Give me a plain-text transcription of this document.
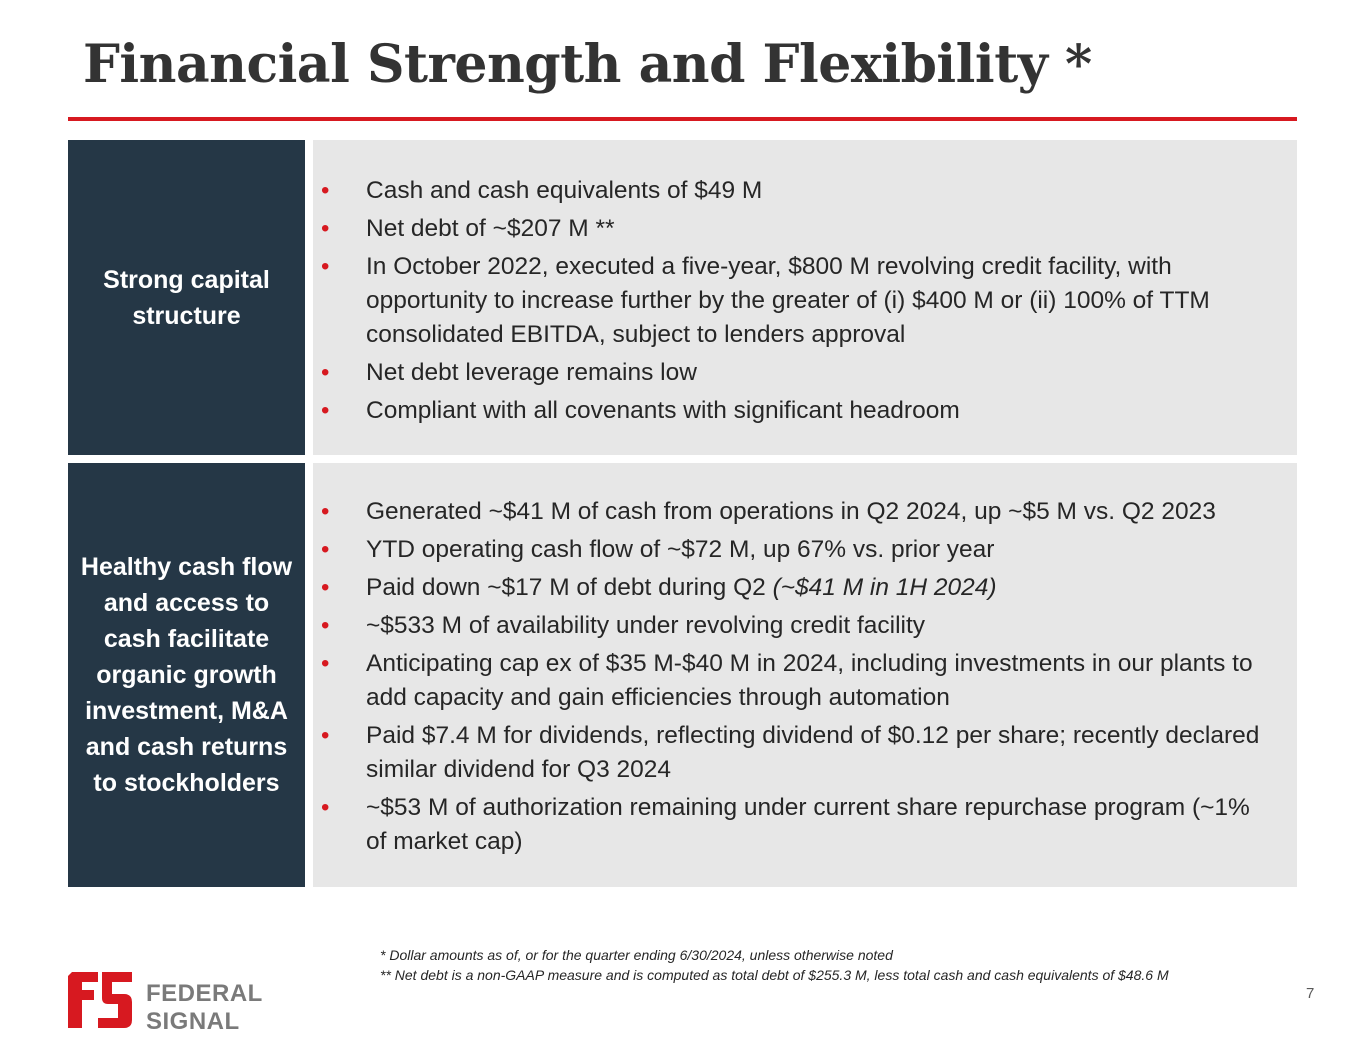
Financial Strength and Flexibility *
Strong capital structure
• Cash and cash equivalents of $49 M
• Net debt of ~$207 M **
• In October 2022, executed a five-year, $800 M revolving credit facility, with opportunity to increase further by the greater of (i) $400 M or (ii) 100% of TTM consolidated EBITDA, subject to lenders approval
• Net debt leverage remains low
• Compliant with all covenants with significant headroom
Healthy cash flow and access to cash facilitate organic growth investment, M&A and cash returns to stockholders
• Generated ~$41 M of cash from operations in Q2 2024, up ~$5 M vs. Q2 2023
• YTD operating cash flow of ~$72 M, up 67% vs. prior year
• Paid down ~$17 M of debt during Q2 (~$41 M in 1H 2024)
• ~$533 M of availability under revolving credit facility
• Anticipating cap ex of $35 M-$40 M in 2024, including investments in our plants to add capacity and gain efficiencies through automation
• Paid $7.4 M for dividends, reflecting dividend of $0.12 per share; recently declared similar dividend for Q3 2024
• ~$53 M of authorization remaining under current share repurchase program (~1% of market cap)
FEDERAL SIGNAL
* Dollar amounts as of, or for the quarter ending 6/30/2024, unless otherwise noted
** Net debt is a non-GAAP measure and is computed as total debt of $255.3 M, less total cash and cash equivalents of $48.6 M
7
